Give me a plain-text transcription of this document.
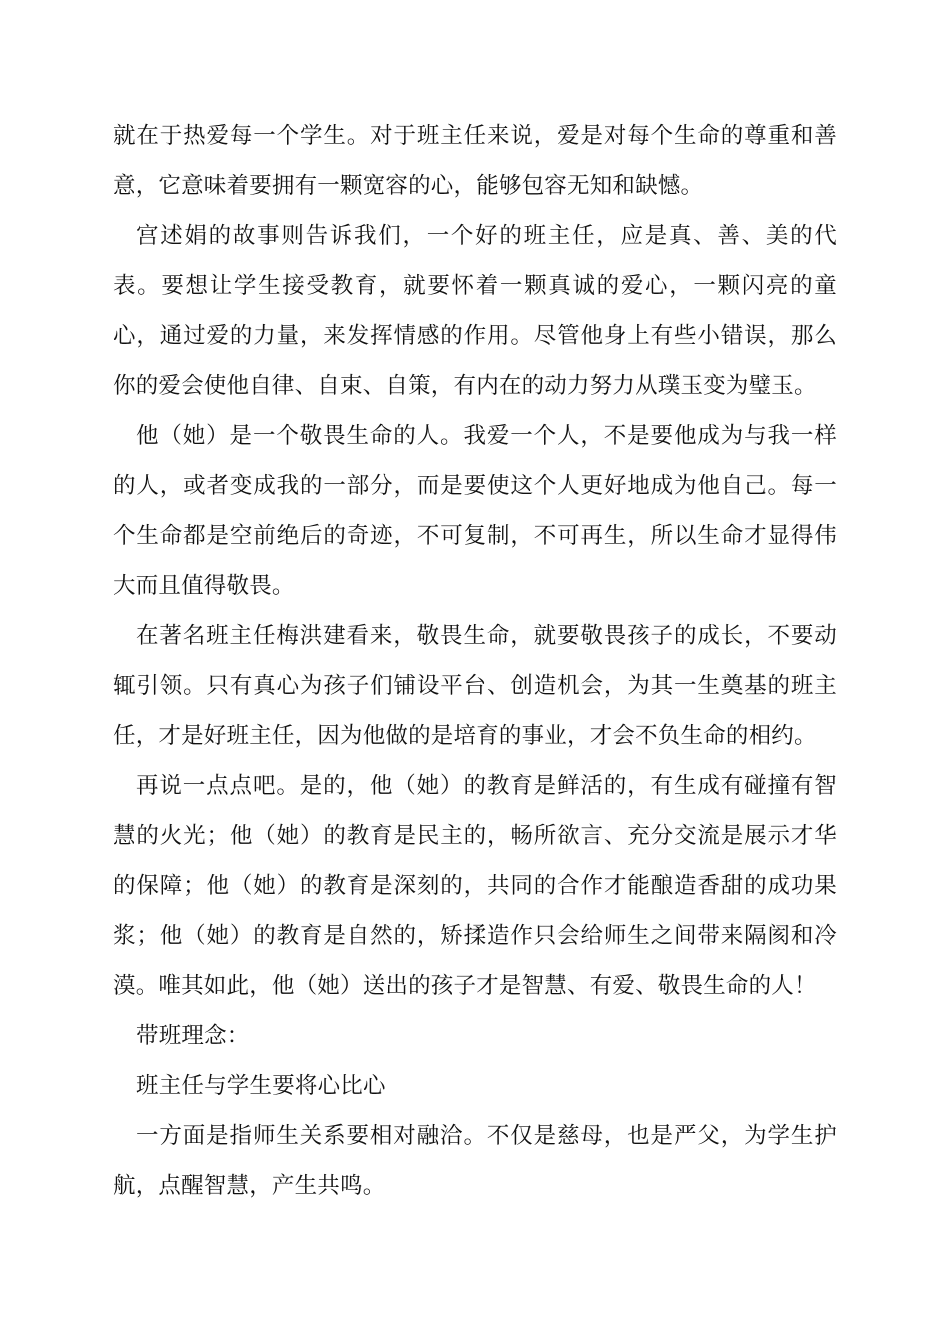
就在于热爱每一个学生。对于班主任来说，爱是对每个生命的尊重和善意，它意味着要拥有一颗宽容的心，能够包容无知和缺憾。

宫述娟的故事则告诉我们，一个好的班主任，应是真、善、美的代表。要想让学生接受教育，就要怀着一颗真诚的爱心，一颗闪亮的童心，通过爱的力量，来发挥情感的作用。尽管他身上有些小错误，那么你的爱会使他自律、自束、自策，有内在的动力努力从璞玉变为璧玉。

他（她）是一个敬畏生命的人。我爱一个人，不是要他成为与我一样的人，或者变成我的一部分，而是要使这个人更好地成为他自己。每一个生命都是空前绝后的奇迹，不可复制，不可再生，所以生命才显得伟大而且值得敬畏。

在著名班主任梅洪建看来，敬畏生命，就要敬畏孩子的成长，不要动辄引领。只有真心为孩子们铺设平台、创造机会，为其一生奠基的班主任，才是好班主任，因为他做的是培育的事业，才会不负生命的相约。

再说一点点吧。是的，他（她）的教育是鲜活的，有生成有碰撞有智慧的火光；他（她）的教育是民主的，畅所欲言、充分交流是展示才华的保障；他（她）的教育是深刻的，共同的合作才能酿造香甜的成功果浆；他（她）的教育是自然的，矫揉造作只会给师生之间带来隔阂和冷漠。唯其如此，他（她）送出的孩子才是智慧、有爱、敬畏生命的人！

带班理念：

班主任与学生要将心比心

一方面是指师生关系要相对融洽。不仅是慈母，也是严父，为学生护航，点醒智慧，产生共鸣。
